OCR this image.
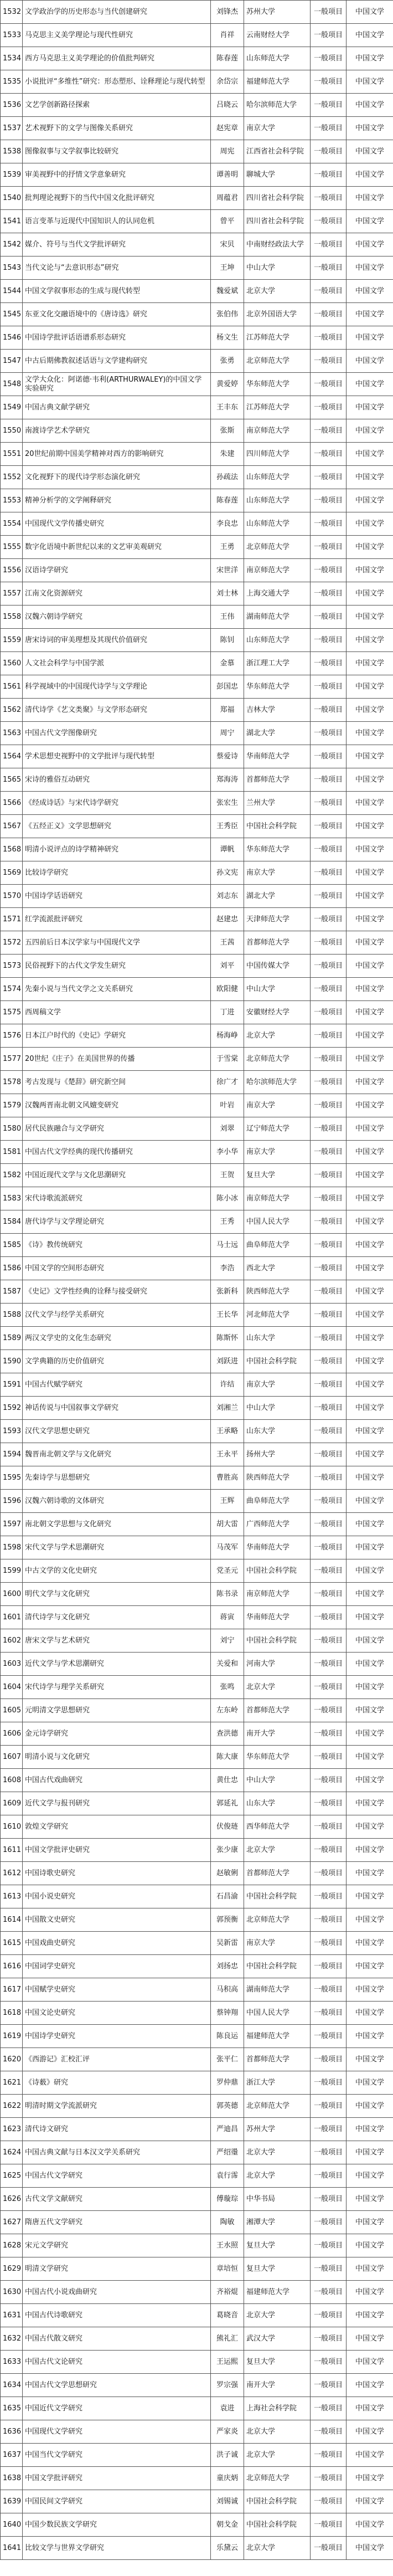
1532	文学政治学的历史形态与当代创建研究	刘锋杰	苏州大学	一般项目	中国文学
1533	马克思主义美学理论与现代性研究	肖祥	云南财经大学	一般项目	中国文学
1534	西方马克思主义美学理论的价值批判研究	陈春莲	山东师范大学	一般项目	中国文学
1535	小说批评“多维性”研究：形态塑形、诠释理论与现代转型	余岱宗	福建师范大学	一般项目	中国文学
1536	文艺学创新路径探索	吕晓云	哈尔滨师范大学	一般项目	中国文学
1537	艺术视野下的文学与图像关系研究	赵宪章	南京大学	一般项目	中国文学
1538	图像叙事与文学叙事比较研究	周宪	江西省社会科学院	一般项目	中国文学
1539	审美视野中的抒情文学意象研究	谭善明	聊城大学	一般项目	中国文学
1540	批判理论视野下的当代中国文化批评研究	周蕴君	四川省社会科学院	一般项目	中国文学
1541	语言变革与近现代中国知识人的认同危机	曾平	四川省社会科学院	一般项目	中国文学
1542	媒介、符号与当代文学批评研究	宋贝	中南财经政法大学	一般项目	中国文学
1543	当代文论与“去意识形态”研究	王坤	中山大学	一般项目	中国文学
1544	中国文学叙事形态的生成与现代转型	魏爱斌	北京大学	一般项目	中国文学
1545	东亚文化交融语境中的《唐诗选》研究	张伯伟	北京外国语大学	一般项目	中国文学
1546	中国诗学批评话语谱系形态研究	杨文生	江苏师范大学	一般项目	中国文学
1547	中古后期佛教叙述话语与文学建构研究	张勇	北京师范大学	一般项目	中国文学
1548	文学大众化：阿诺德·韦利(ARTHURWALEY)的中国文学实验研究	黄爱婷	华东师范大学	一般项目	中国文学
1549	中国古典文献学研究	王丰东	江苏师范大学	一般项目	中国文学
1550	南渡诗学艺术学研究	张斯	南京师范大学	一般项目	中国文学
1551	20世纪前期中国美学精神对西方的影响研究	朱建	四川师范大学	一般项目	中国文学
1552	文化视野下的现代诗学形态演化研究	孙疏法	山东师范大学	一般项目	中国文学
1553	精神分析学的文学阐释研究	陈春莲	山东师范大学	一般项目	中国文学
1554	中国现代文学传播史研究	李良忠	山东师范大学	一般项目	中国文学
1555	数字化语境中新世纪以来的文艺审美观研究	王勇	北京师范大学	一般项目	中国文学
1556	汉语诗学研究	宋世洋	南京师范大学	一般项目	中国文学
1557	江南文化资源研究	刘士林	上海交通大学	一般项目	中国文学
1558	汉魏六朝诗学研究	王伟	湖南师范大学	一般项目	中国文学
1559	唐宋诗词的审美理想及其现代价值研究	陈钊	山东师范大学	一般项目	中国文学
1560	人文社会科学与中国学派	金慕	浙江理工大学	一般项目	中国文学
1561	科学视域中的中国现代诗学与文学理论	彭国忠	华东师范大学	一般项目	中国文学
1562	清代诗学《艺文类聚》与文学形态研究	郑福	吉林大学	一般项目	中国文学
1563	中国古代文学图像研究	周宁	湖北大学	一般项目	中国文学
1564	学术思想史视野中的文学批评与现代转型	蔡爱诗	华南师范大学	一般项目	中国文学
1565	宋诗的雅俗互动研究	郑海涛	首都师范大学	一般项目	中国文学
1566	《经成诗话》与宋代诗学研究	张宏生	兰州大学	一般项目	中国文学
1567	《五经正义》文学思想研究	王秀臣	中国社会科学院	一般项目	中国文学
1568	明清小说评点的诗学精神研究	谭帆	华东师范大学	一般项目	中国文学
1569	比较诗学研究	孙文宪	南京大学	一般项目	中国文学
1570	中国诗学话语研究	刘志东	湖北大学	一般项目	中国文学
1571	红学流派批评研究	赵建忠	天津师范大学	一般项目	中国文学
1572	五四前后日本汉学家与中国现代文学	王茜	首都师范大学	一般项目	中国文学
1573	民俗视野下的古代文学发生研究	刘平	中国传媒大学	一般项目	中国文学
1574	先秦小说与当代文学之文关系研究	欧阳健	中山大学	一般项目	中国文学
1575	西周稿文学	丁进	安徽财经大学	一般项目	中国文学
1576	日本江户时代的《史记》学研究	杨海峥	北京大学	一般项目	中国文学
1577	20世纪《庄子》在美国世界的传播	于雪棠	北京师范大学	一般项目	中国文学
1578	考古发现与《楚辞》研究新空间	徐广才	哈尔滨师范大学	一般项目	中国文学
1579	汉魏两晋南北朝文风嬗变研究	叶岩	南京大学	一般项目	中国文学
1580	居代民族融合与文学研究	刘翠	辽宁师范大学	一般项目	中国文学
1581	中国古代文学经典的现代传播研究	李小华	南京大学	一般项目	中国文学
1582	中国近现代文学与文化思潮研究	王贺	复旦大学	一般项目	中国文学
1583	宋代诗歌流派研究	陈小冰	南京师范大学	一般项目	中国文学
1584	唐代诗学与文学理论研究	王秀	中国人民大学	一般项目	中国文学
1585	《诗》教传统研究	马士远	曲阜师范大学	一般项目	中国文学
1586	中国文学的空间形态研究	李浩	西北大学	一般项目	中国文学
1587	《史记》文学性经典的诠释与接受研究	张新科	陕西师范大学	一般项目	中国文学
1588	汉代文学与经学关系研究	王长华	河北师范大学	一般项目	中国文学
1589	两汉文学史的文化生态研究	陈斯怀	山东大学	一般项目	中国文学
1590	文学典籍的历史价值研究	刘跃进	中国社会科学院	一般项目	中国文学
1591	中国古代赋学研究	许结	南京大学	一般项目	中国文学
1592	神话传说与中国叙事文学研究	刘湘兰	中山大学	一般项目	中国文学
1593	汉代文学思想史研究	王承略	山东大学	一般项目	中国文学
1594	魏晋南北朝文学与文化研究	王永平	扬州大学	一般项目	中国文学
1595	先秦诗学与思想研究	曹胜高	陕西师范大学	一般项目	中国文学
1596	汉魏六朝诗歌的文体研究	王辉	曲阜师范大学	一般项目	中国文学
1597	南北朝文学思想与文化研究	胡大雷	广西师范大学	一般项目	中国文学
1598	宋代文学与学术思潮研究	马茂军	华南师范大学	一般项目	中国文学
1599	中古文学的文化史研究	党圣元	中国社会科学院	一般项目	中国文学
1600	明代文学与文化研究	陈书录	南京师范大学	一般项目	中国文学
1601	清代诗学与文化研究	蒋寅	华南师范大学	一般项目	中国文学
1602	唐宋文学与艺术研究	刘宁	中国社会科学院	一般项目	中国文学
1603	近代文学与学术思潮研究	关爱和	河南大学	一般项目	中国文学
1604	宋代诗学与理学关系研究	张鸣	北京大学	一般项目	中国文学
1605	元明清文学思想研究	左东岭	首都师范大学	一般项目	中国文学
1606	金元诗学研究	查洪德	南开大学	一般项目	中国文学
1607	明清小说与文化研究	陈大康	华东师范大学	一般项目	中国文学
1608	中国古代戏曲研究	黄仕忠	中山大学	一般项目	中国文学
1609	近代文学与报刊研究	郭延礼	山东大学	一般项目	中国文学
1610	敦煌文学研究	伏俊琏	西华师范大学	一般项目	中国文学
1611	中国文学批评史研究	张少康	北京大学	一般项目	中国文学
1612	中国诗歌史研究	赵敏俐	首都师范大学	一般项目	中国文学
1613	中国小说史研究	石昌渝	中国社会科学院	一般项目	中国文学
1614	中国散文史研究	郭预衡	北京师范大学	一般项目	中国文学
1615	中国戏曲史研究	吴新雷	南京大学	一般项目	中国文学
1616	中国词学史研究	刘扬忠	中国社会科学院	一般项目	中国文学
1617	中国赋学史研究	马积高	湖南师范大学	一般项目	中国文学
1618	中国文论史研究	蔡钟翔	中国人民大学	一般项目	中国文学
1619	中国诗学史研究	陈良运	福建师范大学	一般项目	中国文学
1620	《西游记》汇校汇评	张平仁	首都师范大学	一般项目	中国文学
1621	《诗薮》研究	罗仲鼎	浙江大学	一般项目	中国文学
1622	明清时期文学流派研究	郭英德	北京师范大学	一般项目	中国文学
1623	清代诗文研究	严迪昌	苏州大学	一般项目	中国文学
1624	中国古典文献与日本汉文学关系研究	严绍璗	北京大学	一般项目	中国文学
1625	中国古代文学研究	袁行霈	北京大学	一般项目	中国文学
1626	古代文学文献研究	傅璇琮	中华书局	一般项目	中国文学
1627	隋唐五代文学研究	陶敏	湘潭大学	一般项目	中国文学
1628	宋元文学研究	王水照	复旦大学	一般项目	中国文学
1629	明清文学研究	章培恒	复旦大学	一般项目	中国文学
1630	中国古代小说戏曲研究	齐裕焜	福建师范大学	一般项目	中国文学
1631	中国古代诗歌研究	葛晓音	北京大学	一般项目	中国文学
1632	中国古代散文研究	熊礼汇	武汉大学	一般项目	中国文学
1633	中国古代文论研究	王运熙	复旦大学	一般项目	中国文学
1634	中国古代文学思想研究	罗宗强	南开大学	一般项目	中国文学
1635	中国近代文学研究	袁进	上海社会科学院	一般项目	中国文学
1636	中国现代文学研究	严家炎	北京大学	一般项目	中国文学
1637	中国当代文学研究	洪子诚	北京大学	一般项目	中国文学
1638	中国文学批评研究	童庆炳	北京师范大学	一般项目	中国文学
1639	中国民间文学研究	刘锡诚	中国社会科学院	一般项目	中国文学
1640	中国少数民族文学研究	朝戈金	中国社会科学院	一般项目	中国文学
1641	比较文学与世界文学研究	乐黛云	北京大学	一般项目	中国文学
